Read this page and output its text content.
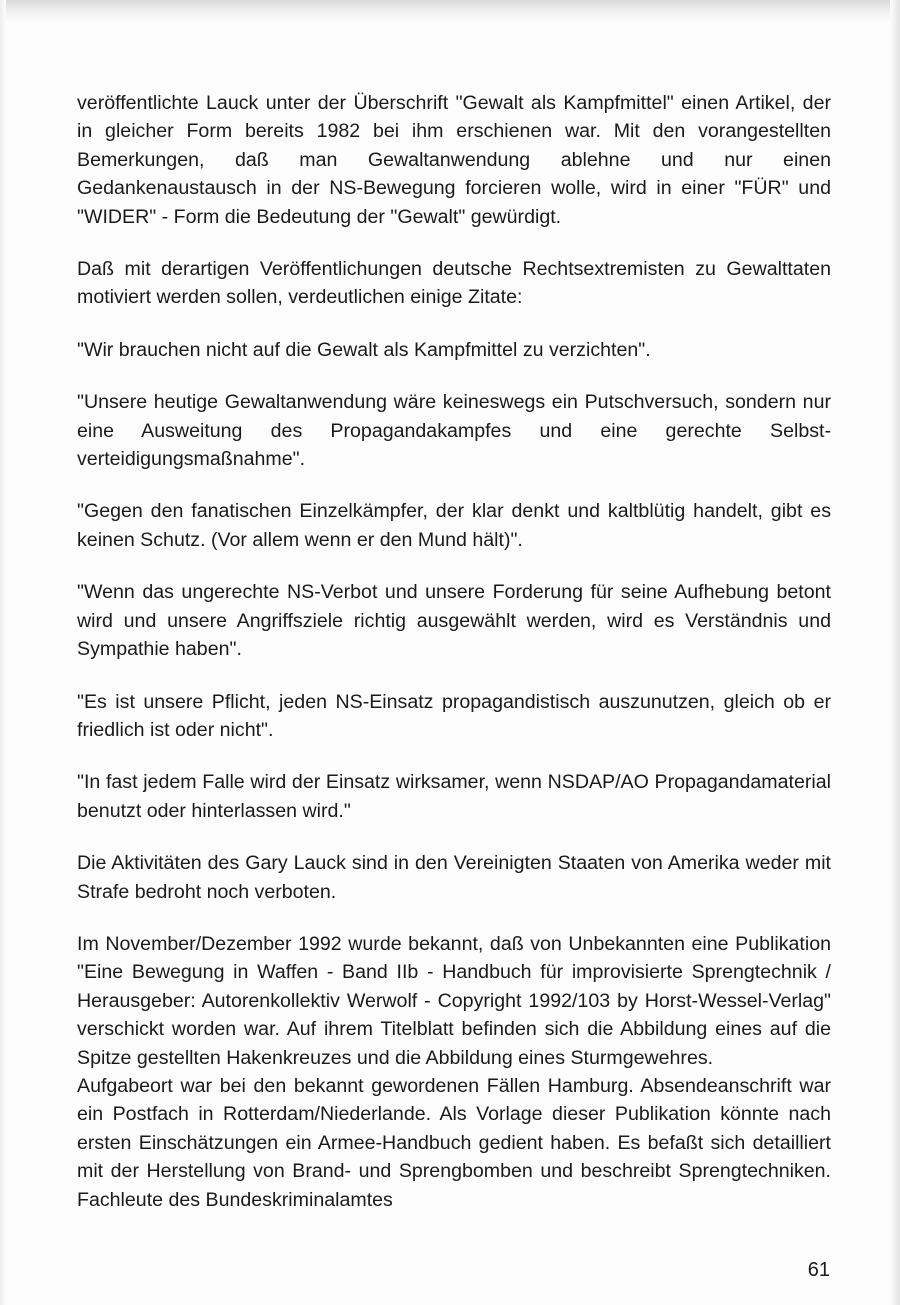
veröffentlichte Lauck unter der Überschrift "Gewalt als Kampfmittel" einen Artikel, der in gleicher Form bereits 1982 bei ihm erschienen war. Mit den vorangestellten Bemerkungen, daß man Gewaltanwendung ablehne und nur einen Gedankenaustausch in der NS-Bewegung forcieren wolle, wird in einer "FÜR" und "WIDER" - Form die Bedeutung der "Gewalt" gewürdigt.

Daß mit derartigen Veröffentlichungen deutsche Rechtsextremisten zu Gewalttaten motiviert werden sollen, verdeutlichen einige Zitate:

"Wir brauchen nicht auf die Gewalt als Kampfmittel zu verzichten".

"Unsere heutige Gewaltanwendung wäre keineswegs ein Putschversuch, sondern nur eine Ausweitung des Propagandakampfes und eine gerechte Selbstverteidigungsmaßnahme".

"Gegen den fanatischen Einzelkämpfer, der klar denkt und kaltblütig handelt, gibt es keinen Schutz. (Vor allem wenn er den Mund hält)".

"Wenn das ungerechte NS-Verbot und unsere Forderung für seine Aufhebung betont wird und unsere Angriffsziele richtig ausgewählt werden, wird es Verständnis und Sympathie haben".

"Es ist unsere Pflicht, jeden NS-Einsatz propagandistisch auszunutzen, gleich ob er friedlich ist oder nicht".

"In fast jedem Falle wird der Einsatz wirksamer, wenn NSDAP/AO Propagandamaterial benutzt oder hinterlassen wird."

Die Aktivitäten des Gary Lauck sind in den Vereinigten Staaten von Amerika weder mit Strafe bedroht noch verboten.

Im November/Dezember 1992 wurde bekannt, daß von Unbekannten eine Publikation "Eine Bewegung in Waffen - Band IIb - Handbuch für improvisierte Sprengtechnik / Herausgeber: Autorenkollektiv Werwolf - Copyright 1992/103 by Horst-Wessel-Verlag" verschickt worden war. Auf ihrem Titelblatt befinden sich die Abbildung eines auf die Spitze gestellten Hakenkreuzes und die Abbildung eines Sturmgewehres.

Aufgabeort war bei den bekannt gewordenen Fällen Hamburg. Absendeanschrift war ein Postfach in Rotterdam/Niederlande. Als Vorlage dieser Publikation könnte nach ersten Einschätzungen ein Armee-Handbuch gedient haben. Es befaßt sich detailliert mit der Herstellung von Brand- und Sprengbomben und beschreibt Sprengtechniken. Fachleute des Bundeskriminalamtes

61
